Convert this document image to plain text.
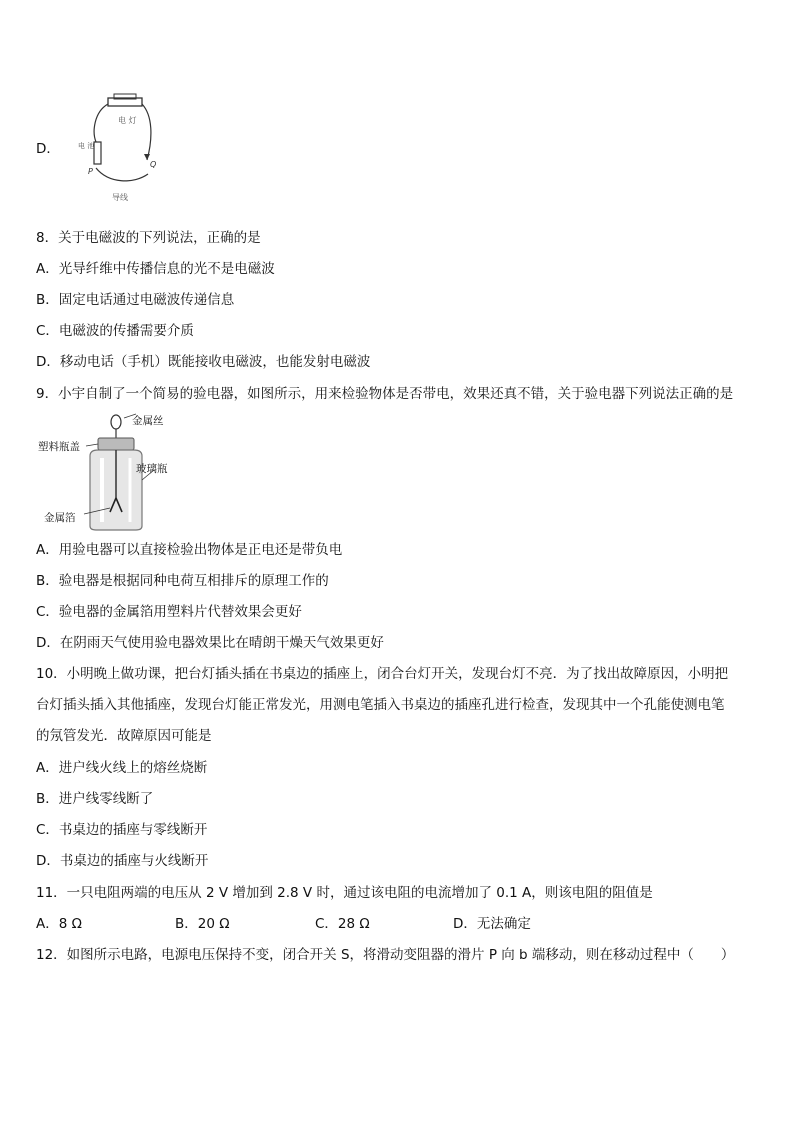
D．
电 灯
电 池
P
Q
导线
8．关于电磁波的下列说法，正确的是
A．光导纤维中传播信息的光不是电磁波
B．固定电话通过电磁波传递信息
C．电磁波的传播需要介质
D．移动电话（手机）既能接收电磁波，也能发射电磁波
9．小宇自制了一个简易的验电器，如图所示，用来检验物体是否带电，效果还真不错，关于验电器下列说法正确的是
金属丝
塑料瓶盖
玻璃瓶
金属箔
A．用验电器可以直接检验出物体是正电还是带负电
B．验电器是根据同种电荷互相排斥的原理工作的
C．验电器的金属箔用塑料片代替效果会更好
D．在阴雨天气使用验电器效果比在晴朗干燥天气效果更好
10．小明晚上做功课，把台灯插头插在书桌边的插座上，闭合台灯开关，发现台灯不亮．为了找出故障原因，小明把
台灯插头插入其他插座，发现台灯能正常发光，用测电笔插入书桌边的插座孔进行检查，发现其中一个孔能使测电笔
的氖管发光．故障原因可能是
A．进户线火线上的熔丝烧断
B．进户线零线断了
C．书桌边的插座与零线断开
D．书桌边的插座与火线断开
11．一只电阻两端的电压从 2 V 增加到 2.8 V 时，通过该电阻的电流增加了 0.1 A，则该电阻的阻值是
A．8 Ω	B．20 Ω	C．28 Ω	D．无法确定
12．如图所示电路，电源电压保持不变，闭合开关 S，将滑动变阻器的滑片 P 向 b 端移动，则在移动过程中（　　）
